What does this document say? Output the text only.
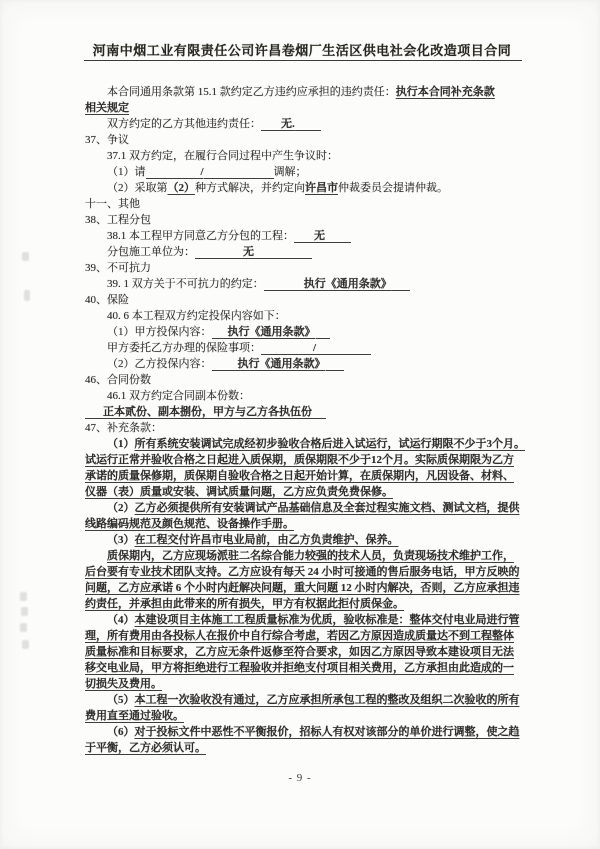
河南中烟工业有限责任公司许昌卷烟厂生活区供电社会化改造项目合同
本合同通用条款第 15.1 款约定乙方违约应承担的违约责任：执行本合同补充条款
相关规定
双方约定的乙方其他违约责任： 无.
37、争议
37.1 双方约定，在履行合同过程中产生争议时：
（1）请	/	调解；
（2）采取第（2）种方式解决，并约定向许昌市仲裁委员会提请仲裁。
十一、其他
38、工程分包
38.1 本工程甲方同意乙方分包的工程： 无
分包施工单位为：	无
39、不可抗力
39. 1 双方关于不可抗力的约定：	执行《通用条款》
40、保险
40. 6 本工程双方约定投保内容如下：
（1）甲方投保内容： 执行《通用条款》
甲方委托乙方办理的保险事项：	/
（2）乙方投保内容： 执行《通用条款》
46、合同份数
46.1 双方约定合同副本份数：
正本贰份、副本捌份，甲方与乙方各执伍份
47、补充条款：
（1）所有系统安装调试完成经初步验收合格后进入试运行，试运行期限不少于3个月。
试运行正常并验收合格之日起进入质保期，质保期限不少于12个月。实际质保期限为乙方
承诺的质量保修期，质保期自验收合格之日起开始计算，在质保期内，凡因设备、材料、
仪器（表）质量或安装、调试质量问题，乙方应负责免费保修。
（2）乙方必须提供所有安装调试产品基础信息及全套过程实施文档、测试文档，提供
线路编码规范及颜色规范、设备操作手册。
（3）在工程交付许昌市电业局前，由乙方负责维护、保养。
质保期内，乙方应现场派驻二名综合能力较强的技术人员，负责现场技术维护工作，
后台要有专业技术团队支持。乙方应设有每天 24 小时可接通的售后服务电话，甲方反映的
问题，乙方应承诺 6 个小时内赶解决问题，重大问题 12 小时内解决，否则，乙方应承担违
约责任，并承担由此带来的所有损失，甲方有权据此拒付质保金。
（4）本建设项目主体施工工程质量标准为优质，验收标准是：整体交付电业局进行管
理，所有费用由各投标人在报价中自行综合考虑，若因乙方原因造成质量达不到工程整体
质量标准和目标要求，乙方应无条件返修至符合要求，如因乙方原因导致本建设项目无法
移交电业局，甲方将拒绝进行工程验收并拒绝支付项目相关费用，乙方承担由此造成的一
切损失及费用。
（5）本工程一次验收没有通过，乙方应承担所承包工程的整改及组织二次验收的所有
费用直至通过验收。
（6）对于投标文件中恶性不平衡报价，招标人有权对该部分的单价进行调整，使之趋
于平衡，乙方必须认可。
- 9 -
